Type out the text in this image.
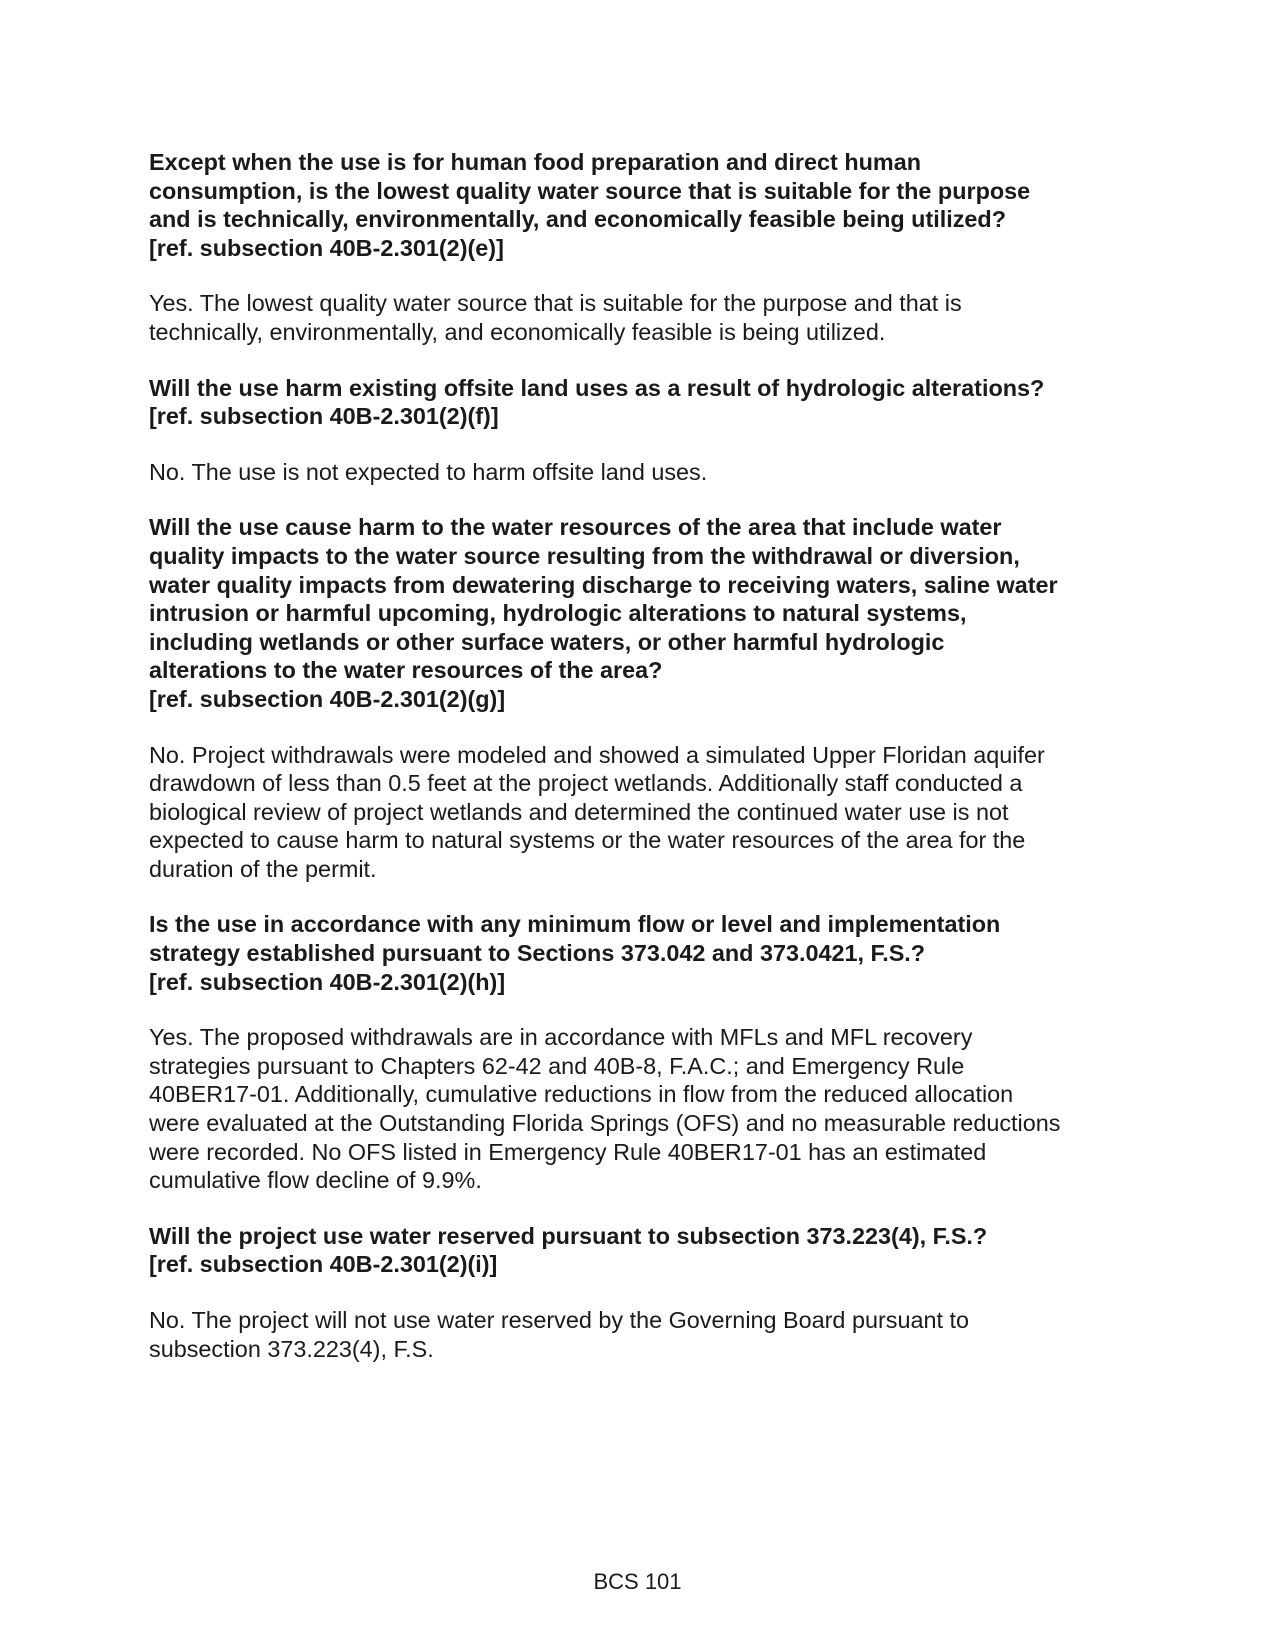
Except when the use is for human food preparation and direct human
consumption, is the lowest quality water source that is suitable for the purpose
and is technically, environmentally, and economically feasible being utilized?
[ref. subsection 40B-2.301(2)(e)]
Yes. The lowest quality water source that is suitable for the purpose and that is
technically, environmentally, and economically feasible is being utilized.
Will the use harm existing offsite land uses as a result of hydrologic alterations?
[ref. subsection 40B-2.301(2)(f)]
No. The use is not expected to harm offsite land uses.
Will the use cause harm to the water resources of the area that include water
quality impacts to the water source resulting from the withdrawal or diversion,
water quality impacts from dewatering discharge to receiving waters, saline water
intrusion or harmful upcoming, hydrologic alterations to natural systems,
including wetlands or other surface waters, or other harmful hydrologic
alterations to the water resources of the area?
[ref. subsection 40B-2.301(2)(g)]
No. Project withdrawals were modeled and showed a simulated Upper Floridan aquifer
drawdown of less than 0.5 feet at the project wetlands. Additionally staff conducted a
biological review of project wetlands and determined the continued water use is not
expected to cause harm to natural systems or the water resources of the area for the
duration of the permit.
Is the use in accordance with any minimum flow or level and implementation
strategy established pursuant to Sections 373.042 and 373.0421, F.S.?
[ref. subsection 40B-2.301(2)(h)]
Yes. The proposed withdrawals are in accordance with MFLs and MFL recovery
strategies pursuant to Chapters 62-42 and 40B-8, F.A.C.; and Emergency Rule
40BER17-01. Additionally, cumulative reductions in flow from the reduced allocation
were evaluated at the Outstanding Florida Springs (OFS) and no measurable reductions
were recorded. No OFS listed in Emergency Rule 40BER17-01 has an estimated
cumulative flow decline of 9.9%.
Will the project use water reserved pursuant to subsection 373.223(4), F.S.?
[ref. subsection 40B-2.301(2)(i)]
No. The project will not use water reserved by the Governing Board pursuant to
subsection 373.223(4), F.S.
BCS 101
